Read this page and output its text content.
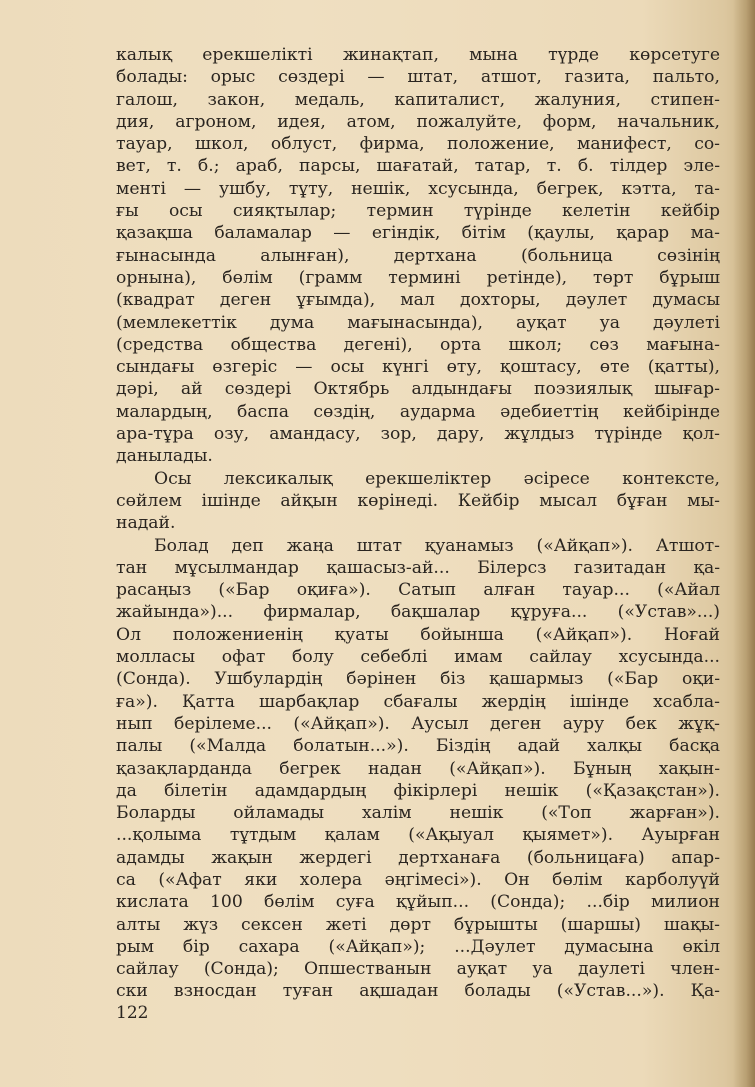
калық ерекшелікті жинақтап, мына түрде көрсетуге
болады: орыс сөздері — штат, атшот, газита, пальто,
галош, закон, медаль, капиталист, жалуния, стипен-
дия, агроном, идея, атом, пожалуйте, форм, начальник,
тауар, школ, облуст, фирма, положение, манифест, со-
вет, т. б.; араб, парсы, шағатай, татар, т. б. тілдер эле-
менті — ушбу, тұту, нешік, хсусында, бегрек, кэтта, та-
ғы осы сияқтылар; термин түрінде келетін кейбір
қазақша баламалар — егіндік, бітім (қаулы, қарар ма-
ғынасында алынған), дертхана (больница сөзінің
орнына), бөлім (грамм термині ретінде), төрт бұрыш
(квадрат деген ұғымда), мал дохторы, дәулет думасы
(мемлекеттік дума мағынасында), ауқат уа дәулеті
(средства общества дегені), орта школ; сөз мағына-
сындағы өзгеріс — осы күнгі өту, қоштасу, өте (қатты),
дәрі, ай сөздері Октябрь алдындағы поэзиялық шығар-
малардың, баспа сөздің, аударма әдебиеттің кейбірінде
ара-тұра озу, амандасу, зор, дару, жұлдыз түрінде қол-
данылады.
Осы лексикалық ерекшеліктер әсіресе контексте,
сөйлем ішінде айқын көрінеді. Кейбір мысал бұған мы-
надай.
Болад деп жаңа штат қуанамыз («Айқап»). Атшот-
тан мұсылмандар қашасыз-ай... Білерсз газитадан қа-
расаңыз («Бар оқиға»). Сатып алған тауар... («Айал
жайында»)... фирмалар, бақшалар құруға... («Устав»...)
Ол положениенің қуаты бойынша («Айқап»). Ноғай
молласы офат болу себеблі имам сайлау хсусында...
(Сонда). Ушбулардің бәрінен біз қашармыз («Бар оқи-
ға»). Қатта шарбақлар сбағалы жердің ішінде хсабла-
нып берілеме... («Айқап»). Аусыл деген ауру бек жұқ-
палы («Малда болатын...»). Біздің адай халқы басқа
қазақларданда бегрек надан («Айқап»). Бұның хақын-
да білетін адамдардың фікірлері нешік («Қазақстан»).
Боларды ойламады халім нешік («Топ жарған»).
...қолыма тұтдым қалам («Ақыуал қыямет»). Ауырған
адамды жақын жердегі дертханаға (больницаға) апар-
са («Афат яки холера әңгімесі»). Он бөлім карболуүй
кислата 100 бөлім суға құйып... (Сонда); ...бір милион
алты жүз сексен жеті дөрт бұрышты (шаршы) шақы-
рым бір сахара («Айқап»); ...Дәулет думасына өкіл
сайлау (Сонда); Опшестванын ауқат уа даулеті член-
ски взносдан туған ақшадан болады («Устав...»). Қа-
122
